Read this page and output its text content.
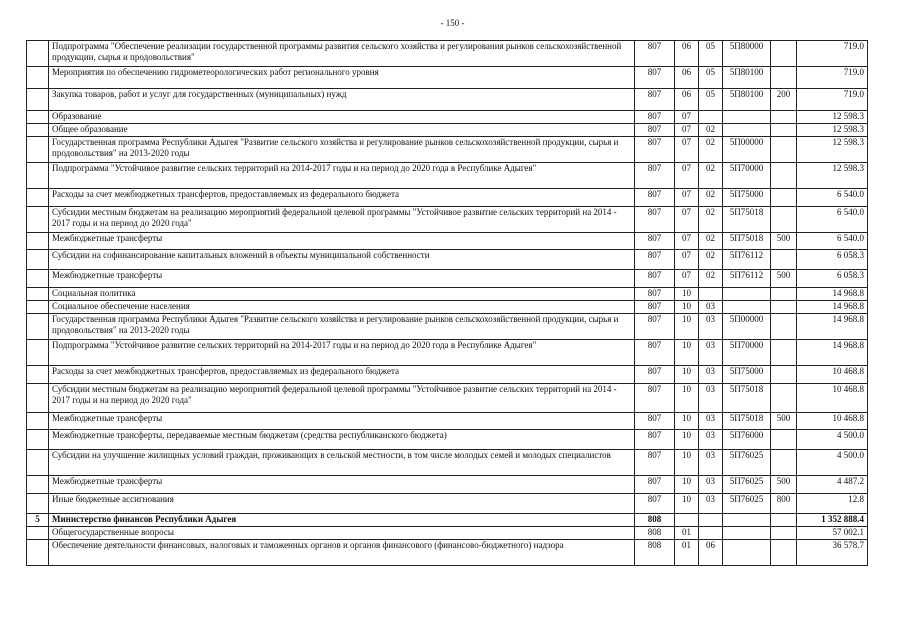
- 150 -
	Подпрограмма "Обеспечение реализации государственной программы развития сельского хозяйства и регулирования рынков сельскохозяйственной продукции, сырья и продовольствия"	807	06	05	5П80000		719.0
	Мероприятия по обеспечению гидрометеорологических работ регионального уровня	807	06	05	5П80100		719.0
	Закупка товаров, работ и услуг для государственных (муниципальных) нужд	807	06	05	5П80100	200	719.0
	Образование	807	07				12 598.3
	Общее образование	807	07	02			12 598.3
	Государственная программа Республики Адыгея "Развитие сельского хозяйства и регулирование рынков сельскохозяйственной продукции, сырья и продовольствия" на 2013-2020 годы	807	07	02	5П00000		12 598.3
	Подпрограмма "Устойчивое развитие сельских территорий на 2014-2017 годы и на период до 2020 года в Республике Адыгея"	807	07	02	5П70000		12 598.3
	Расходы за счет межбюджетных трансфертов, предоставляемых из федерального бюджета	807	07	02	5П75000		6 540.0
	Субсидии местным бюджетам на реализацию мероприятий федеральной целевой программы "Устойчивое развитие сельских территорий на 2014 - 2017 годы и на период до 2020 года"	807	07	02	5П75018		6 540.0
	Межбюджетные трансферты	807	07	02	5П75018	500	6 540.0
	Субсидии на софинансирование капитальных вложений в объекты муниципальной собственности	807	07	02	5П76112		6 058.3
	Межбюджетные трансферты	807	07	02	5П76112	500	6 058.3
	Социальная политика	807	10				14 968.8
	Социальное обеспечение населения	807	10	03			14 968.8
	Государственная программа Республики Адыгея "Развитие сельского хозяйства и регулирование рынков сельскохозяйственной продукции, сырья и продовольствия" на 2013-2020 годы	807	10	03	5П00000		14 968.8
	Подпрограмма "Устойчивое развитие сельских территорий на 2014-2017 годы и на период до 2020 года в Республике Адыгея"	807	10	03	5П70000		14 968.8
	Расходы за счет межбюджетных трансфертов, предоставляемых из федерального бюджета	807	10	03	5П75000		10 468.8
	Субсидии местным бюджетам на реализацию мероприятий федеральной целевой программы "Устойчивое развитие сельских территорий на 2014 - 2017 годы и на период до 2020 года"	807	10	03	5П75018		10 468.8
	Межбюджетные трансферты	807	10	03	5П75018	500	10 468.8
	Межбюджетные трансферты, передаваемые местным бюджетам (средства республиканского бюджета)	807	10	03	5П76000		4 500.0
	Субсидии на улучшение жилищных условий граждан, проживающих в сельской местности, в том числе молодых семей и молодых специалистов	807	10	03	5П76025		4 500.0
	Межбюджетные трансферты	807	10	03	5П76025	500	4 487.2
	Иные бюджетные ассигнования	807	10	03	5П76025	800	12.8
5	Министерство финансов Республики Адыгея	808					1 352 888.4
	Общегосударственные вопросы	808	01				57 002.1
	Обеспечение деятельности финансовых, налоговых и таможенных органов и органов финансового (финансово-бюджетного) надзора	808	01	06			36 578.7
